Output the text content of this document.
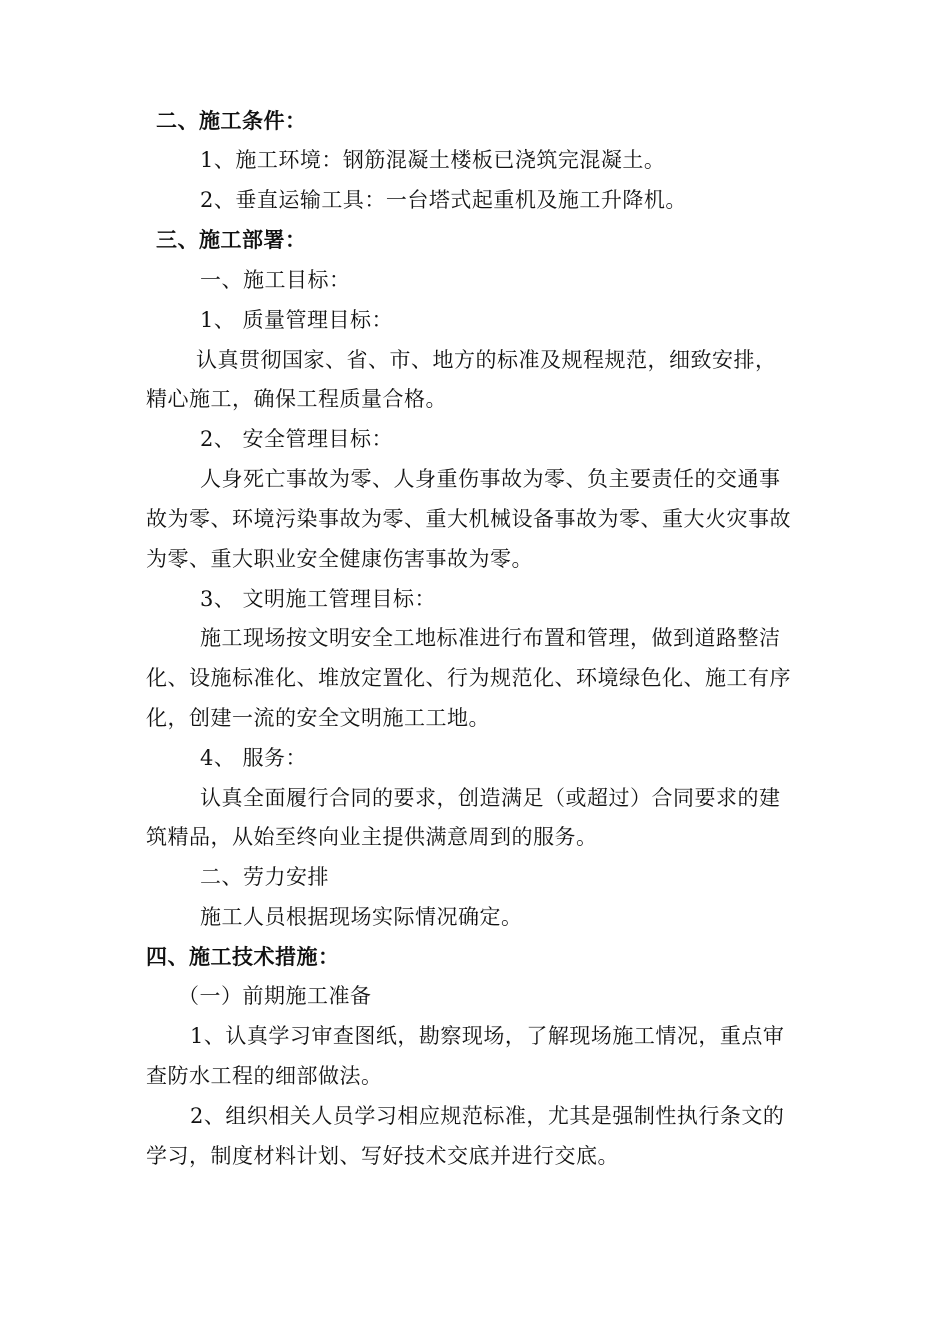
二、施工条件：
1、施工环境：钢筋混凝土楼板已浇筑完混凝土。
2、垂直运输工具：一台塔式起重机及施工升降机。
三、施工部署：
一、施工目标：
1、 质量管理目标：
认真贯彻国家、省、市、地方的标准及规程规范，细致安排，
精心施工，确保工程质量合格。
2、 安全管理目标：
人身死亡事故为零、人身重伤事故为零、负主要责任的交通事
故为零、环境污染事故为零、重大机械设备事故为零、重大火灾事故
为零、重大职业安全健康伤害事故为零。
3、 文明施工管理目标：
施工现场按文明安全工地标准进行布置和管理，做到道路整洁
化、设施标准化、堆放定置化、行为规范化、环境绿色化、施工有序
化，创建一流的安全文明施工工地。
4、 服务：
认真全面履行合同的要求，创造满足（或超过）合同要求的建
筑精品，从始至终向业主提供满意周到的服务。
二、劳力安排
施工人员根据现场实际情况确定。
四、施工技术措施：
（一）前期施工准备
1、认真学习审查图纸，勘察现场，了解现场施工情况，重点审
查防水工程的细部做法。
2、组织相关人员学习相应规范标准，尤其是强制性执行条文的
学习，制度材料计划、写好技术交底并进行交底。
